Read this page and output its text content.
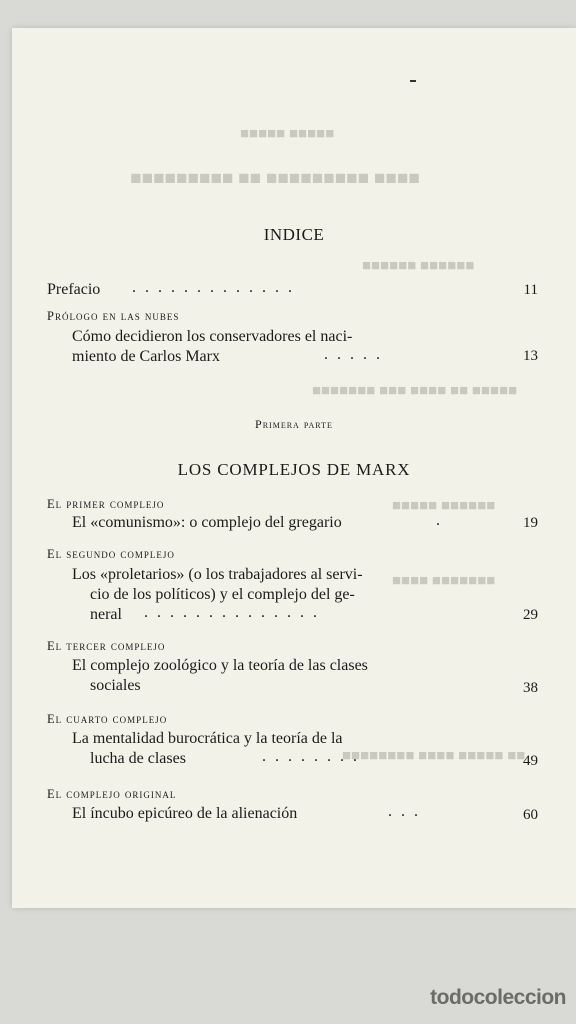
■■■■■ ■■■■■
■■■■ ■■■■■■■■■ ■■ ■■■■■■■■■
■■■■■■ ■■■■■■
■■■■■ ■■ ■■■■ ■■■ ■■■■■■■
■■■■■■ ■■■■■
■■■■■■■ ■■■■
■■ ■■■■■ ■■■■ ■■■■■■■■
INDICE
Prefacio .............	11
Prólogo en las nubes
Cómo decidieron los conservadores el naci-
miento de Carlos Marx	.....	13
Primera parte
LOS COMPLEJOS DE MARX
El primer complejo
El «comunismo»: o complejo del gregario	.	19
El segundo complejo
Los «proletarios» (o los trabajadores al servi-
cio de los políticos) y el complejo del ge-
neral ..............	29
El tercer complejo
El complejo zoológico y la teoría de las clases
sociales	38
El cuarto complejo
La mentalidad burocrática y la teoría de la
lucha de clases	........	49
El complejo original
El íncubo epicúreo de la alienación	...	60
todocoleccion
